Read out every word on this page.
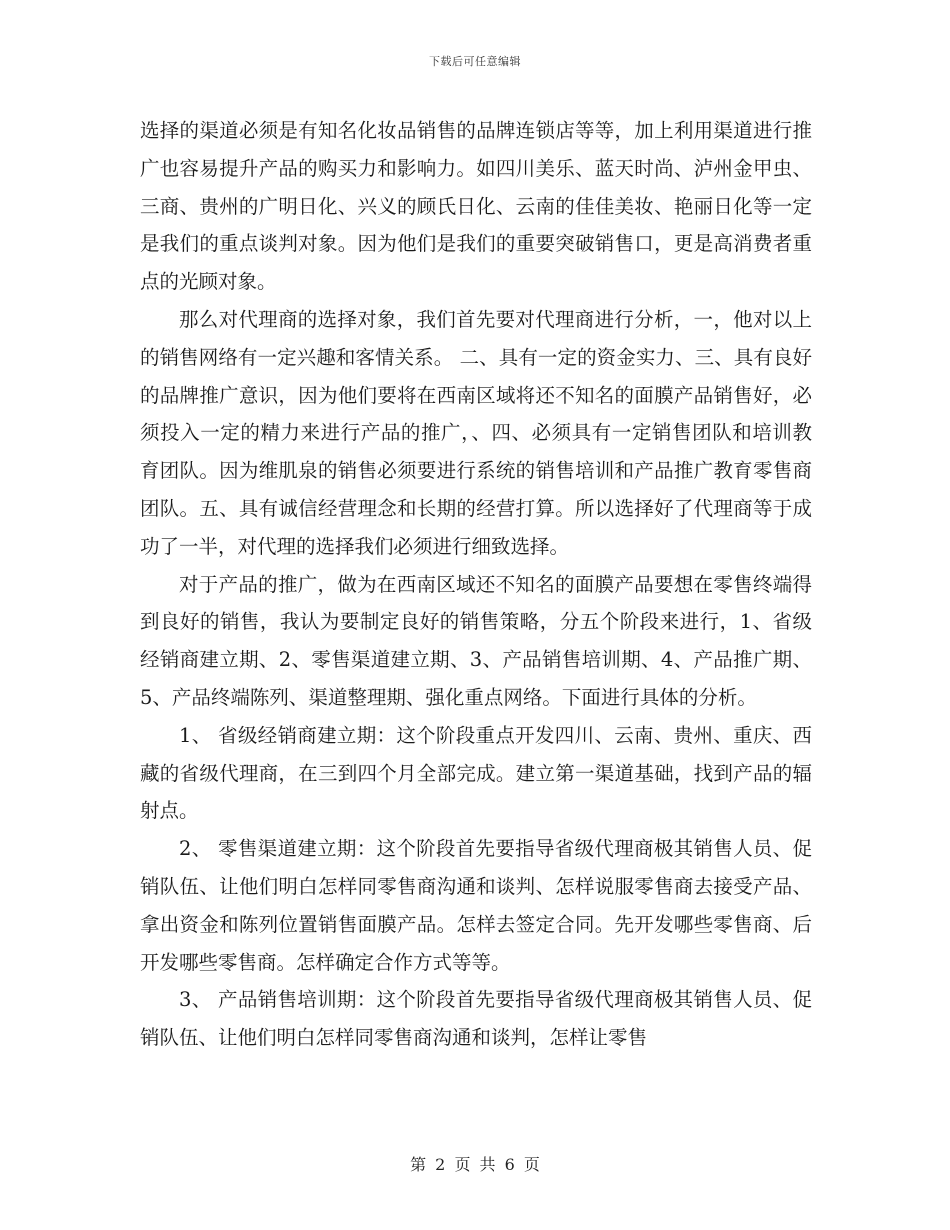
下载后可任意编辑

选择的渠道必须是有知名化妆品销售的品牌连锁店等等，加上利用渠道进行推广也容易提升产品的购买力和影响力。如四川美乐、蓝天时尚、泸州金甲虫、三商、贵州的广明日化、兴义的顾氏日化、云南的佳佳美妆、艳丽日化等一定是我们的重点谈判对象。因为他们是我们的重要突破销售口，更是高消费者重点的光顾对象。

那么对代理商的选择对象，我们首先要对代理商进行分析，一，他对以上的销售网络有一定兴趣和客情关系。 二、具有一定的资金实力、三、具有良好的品牌推广意识，因为他们要将在西南区域将还不知名的面膜产品销售好，必须投入一定的精力来进行产品的推广，、四、必须具有一定销售团队和培训教育团队。因为维肌泉的销售必须要进行系统的销售培训和产品推广教育零售商团队。五、具有诚信经营理念和长期的经营打算。所以选择好了代理商等于成功了一半，对代理的选择我们必须进行细致选择。

对于产品的推广，做为在西南区域还不知名的面膜产品要想在零售终端得到良好的销售，我认为要制定良好的销售策略，分五个阶段来进行，1、省级经销商建立期、2、零售渠道建立期、3、产品销售培训期、4、产品推广期、5、产品终端陈列、渠道整理期、强化重点网络。下面进行具体的分析。

1、 省级经销商建立期：这个阶段重点开发四川、云南、贵州、重庆、西藏的省级代理商，在三到四个月全部完成。建立第一渠道基础，找到产品的辐射点。

2、 零售渠道建立期：这个阶段首先要指导省级代理商极其销售人员、促销队伍、让他们明白怎样同零售商沟通和谈判、怎样说服零售商去接受产品、拿出资金和陈列位置销售面膜产品。怎样去签定合同。先开发哪些零售商、后开发哪些零售商。怎样确定合作方式等等。

3、 产品销售培训期：这个阶段首先要指导省级代理商极其销售人员、促销队伍、让他们明白怎样同零售商沟通和谈判，怎样让零售

第 2 页 共 6 页
